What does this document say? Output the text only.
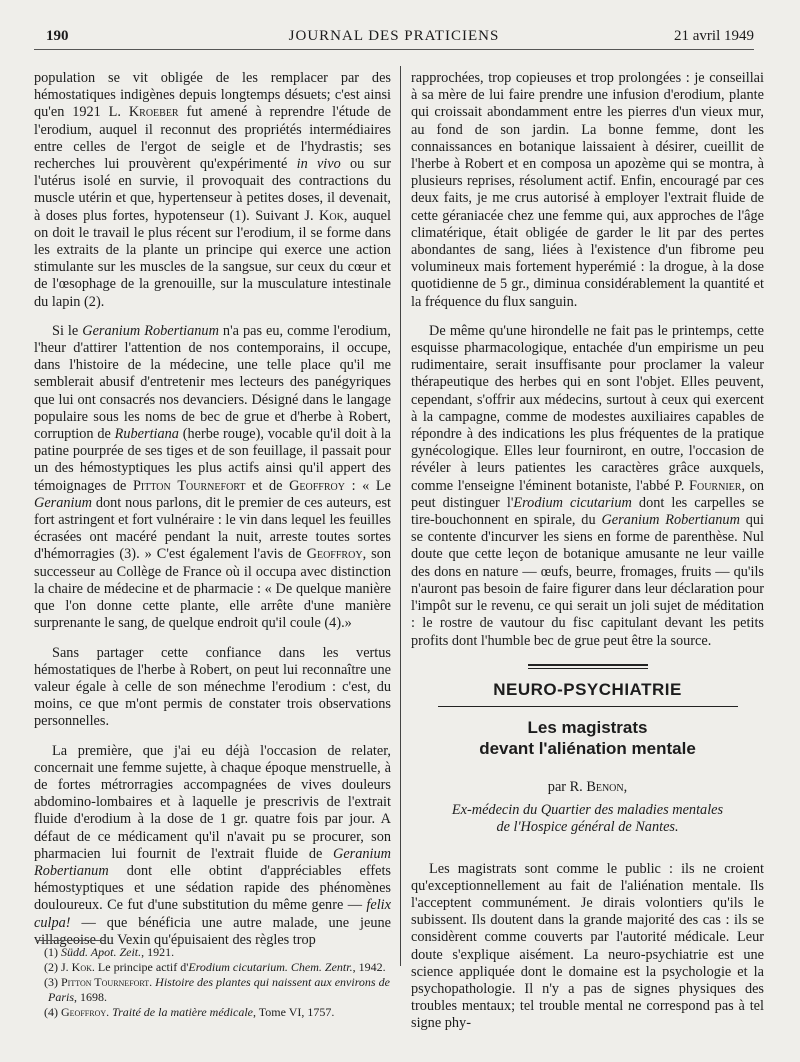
190	JOURNAL DES PRATICIENS	21 avril 1949

population se vit obligée de les remplacer par des hémostatiques indigènes depuis longtemps désuets; c'est ainsi qu'en 1921 L. Kroeber fut amené à reprendre l'étude de l'erodium, auquel il reconnut des propriétés intermédiaires entre celles de l'ergot de seigle et de l'hydrastis; ses recherches lui prouvèrent qu'expérimenté in vivo ou sur l'utérus isolé en survie, il provoquait des contractions du muscle utérin et que, hypertenseur à petites doses, il devenait, à doses plus fortes, hypotenseur (1). Suivant J. Kok, auquel on doit le travail le plus récent sur l'erodium, il se forme dans les extraits de la plante un principe qui exerce une action stimulante sur les muscles de la sangsue, sur ceux du cœur et de l'œsophage de la grenouille, sur la musculature intestinale du lapin (2).

Si le Geranium Robertianum n'a pas eu, comme l'erodium, l'heur d'attirer l'attention de nos contemporains, il occupe, dans l'histoire de la médecine, une telle place qu'il me semblerait abusif d'entretenir mes lecteurs des panégyriques que lui ont consacrés nos devanciers. Désigné dans le langage populaire sous les noms de bec de grue et d'herbe à Robert, corruption de Rubertiana (herbe rouge), vocable qu'il doit à la patine pourprée de ses tiges et de son feuillage, il passait pour un des hémostyptiques les plus actifs ainsi qu'il appert des témoignages de Pitton Tournefort et de Geoffroy : « Le Geranium dont nous parlons, dit le premier de ces auteurs, est fort astringent et fort vulnéraire : le vin dans lequel les feuilles écrasées ont macéré pendant la nuit, arreste toutes sortes d'hémorragies (3). » C'est également l'avis de Geoffroy, son successeur au Collège de France où il occupa avec distinction la chaire de médecine et de pharmacie : « De quelque manière que l'on donne cette plante, elle arrête d'une manière surprenante le sang, de quelque endroit qu'il coule (4).»

Sans partager cette confiance dans les vertus hémostatiques de l'herbe à Robert, on peut lui reconnaître une valeur égale à celle de son ménechme l'erodium : c'est, du moins, ce que m'ont permis de constater trois observations personnelles.

La première, que j'ai eu déjà l'occasion de relater, concernait une femme sujette, à chaque époque menstruelle, à de fortes métrorragies accompagnées de vives douleurs abdomino-lombaires et à laquelle je prescrivis de l'extrait fluide d'erodium à la dose de 1 gr. quatre fois par jour. A défaut de ce médicament qu'il n'avait pu se procurer, son pharmacien lui fournit de l'extrait fluide de Geranium Robertianum dont elle obtint d'appréciables effets hémostyptiques et une sédation rapide des phénomènes douloureux. Ce fut d'une substitution du même genre — felix culpa! — que bénéficia une autre malade, une jeune villageoise du Vexin qu'épuisaient des règles trop

(1) Südd. Apot. Zeit., 1921.
(2) J. Kok. Le principe actif d'Erodium cicutarium. Chem. Zentr., 1942.
(3) Pitton Tournefort. Histoire des plantes qui naissent aux environs de Paris, 1698.
(4) Geoffroy. Traité de la matière médicale, Tome VI, 1757.

rapprochées, trop copieuses et trop prolongées : je conseillai à sa mère de lui faire prendre une infusion d'erodium, plante qui croissait abondamment entre les pierres d'un vieux mur, au fond de son jardin. La bonne femme, dont les connaissances en botanique laissaient à désirer, cueillit de l'herbe à Robert et en composa un apozème qui se montra, à plusieurs reprises, résolument actif. Enfin, encouragé par ces deux faits, je me crus autorisé à employer l'extrait fluide de cette géraniacée chez une femme qui, aux approches de l'âge climatérique, était obligée de garder le lit par des pertes abondantes de sang, liées à l'existence d'un fibrome peu volumineux mais fortement hyperémié : la drogue, à la dose quotidienne de 5 gr., diminua considérablement la quantité et la fréquence du flux sanguin.

De même qu'une hirondelle ne fait pas le printemps, cette esquisse pharmacologique, entachée d'un empirisme un peu rudimentaire, serait insuffisante pour proclamer la valeur thérapeutique des herbes qui en sont l'objet. Elles peuvent, cependant, s'offrir aux médecins, surtout à ceux qui exercent à la campagne, comme de modestes auxiliaires capables de répondre à des indications les plus fréquentes de la pratique gynécologique. Elles leur fourniront, en outre, l'occasion de révéler à leurs patientes les caractères grâce auxquels, comme l'enseigne l'éminent botaniste, l'abbé P. Fournier, on peut distinguer l'Erodium cicutarium dont les carpelles se tire-bouchonnent en spirale, du Geranium Robertianum qui se contente d'incurver les siens en forme de parenthèse. Nul doute que cette leçon de botanique amusante ne leur vaille des dons en nature — œufs, beurre, fromages, fruits — qu'ils n'auront pas besoin de faire figurer dans leur déclaration pour l'impôt sur le revenu, ce qui serait un joli sujet de méditation : le rostre de vautour du fisc capitulant devant les petits profits dont l'humble bec de grue peut être la source.

NEURO-PSYCHIATRIE
Les magistrats
devant l'aliénation mentale
par R. Benon,
Ex-médecin du Quartier des maladies mentales
de l'Hospice général de Nantes.

Les magistrats sont comme le public : ils ne croient qu'exceptionnellement au fait de l'aliénation mentale. Ils l'acceptent communément. Je dirais volontiers qu'ils le subissent. Ils doutent dans la grande majorité des cas : ils se considèrent comme couverts par l'autorité médicale. Leur doute s'explique aisément. La neuro-psychiatrie est une science appliquée dont le domaine est la psychologie et la psychopathologie. Il n'y a pas de signes physiques des troubles mentaux; tel trouble mental ne correspond pas à tel signe phy-
